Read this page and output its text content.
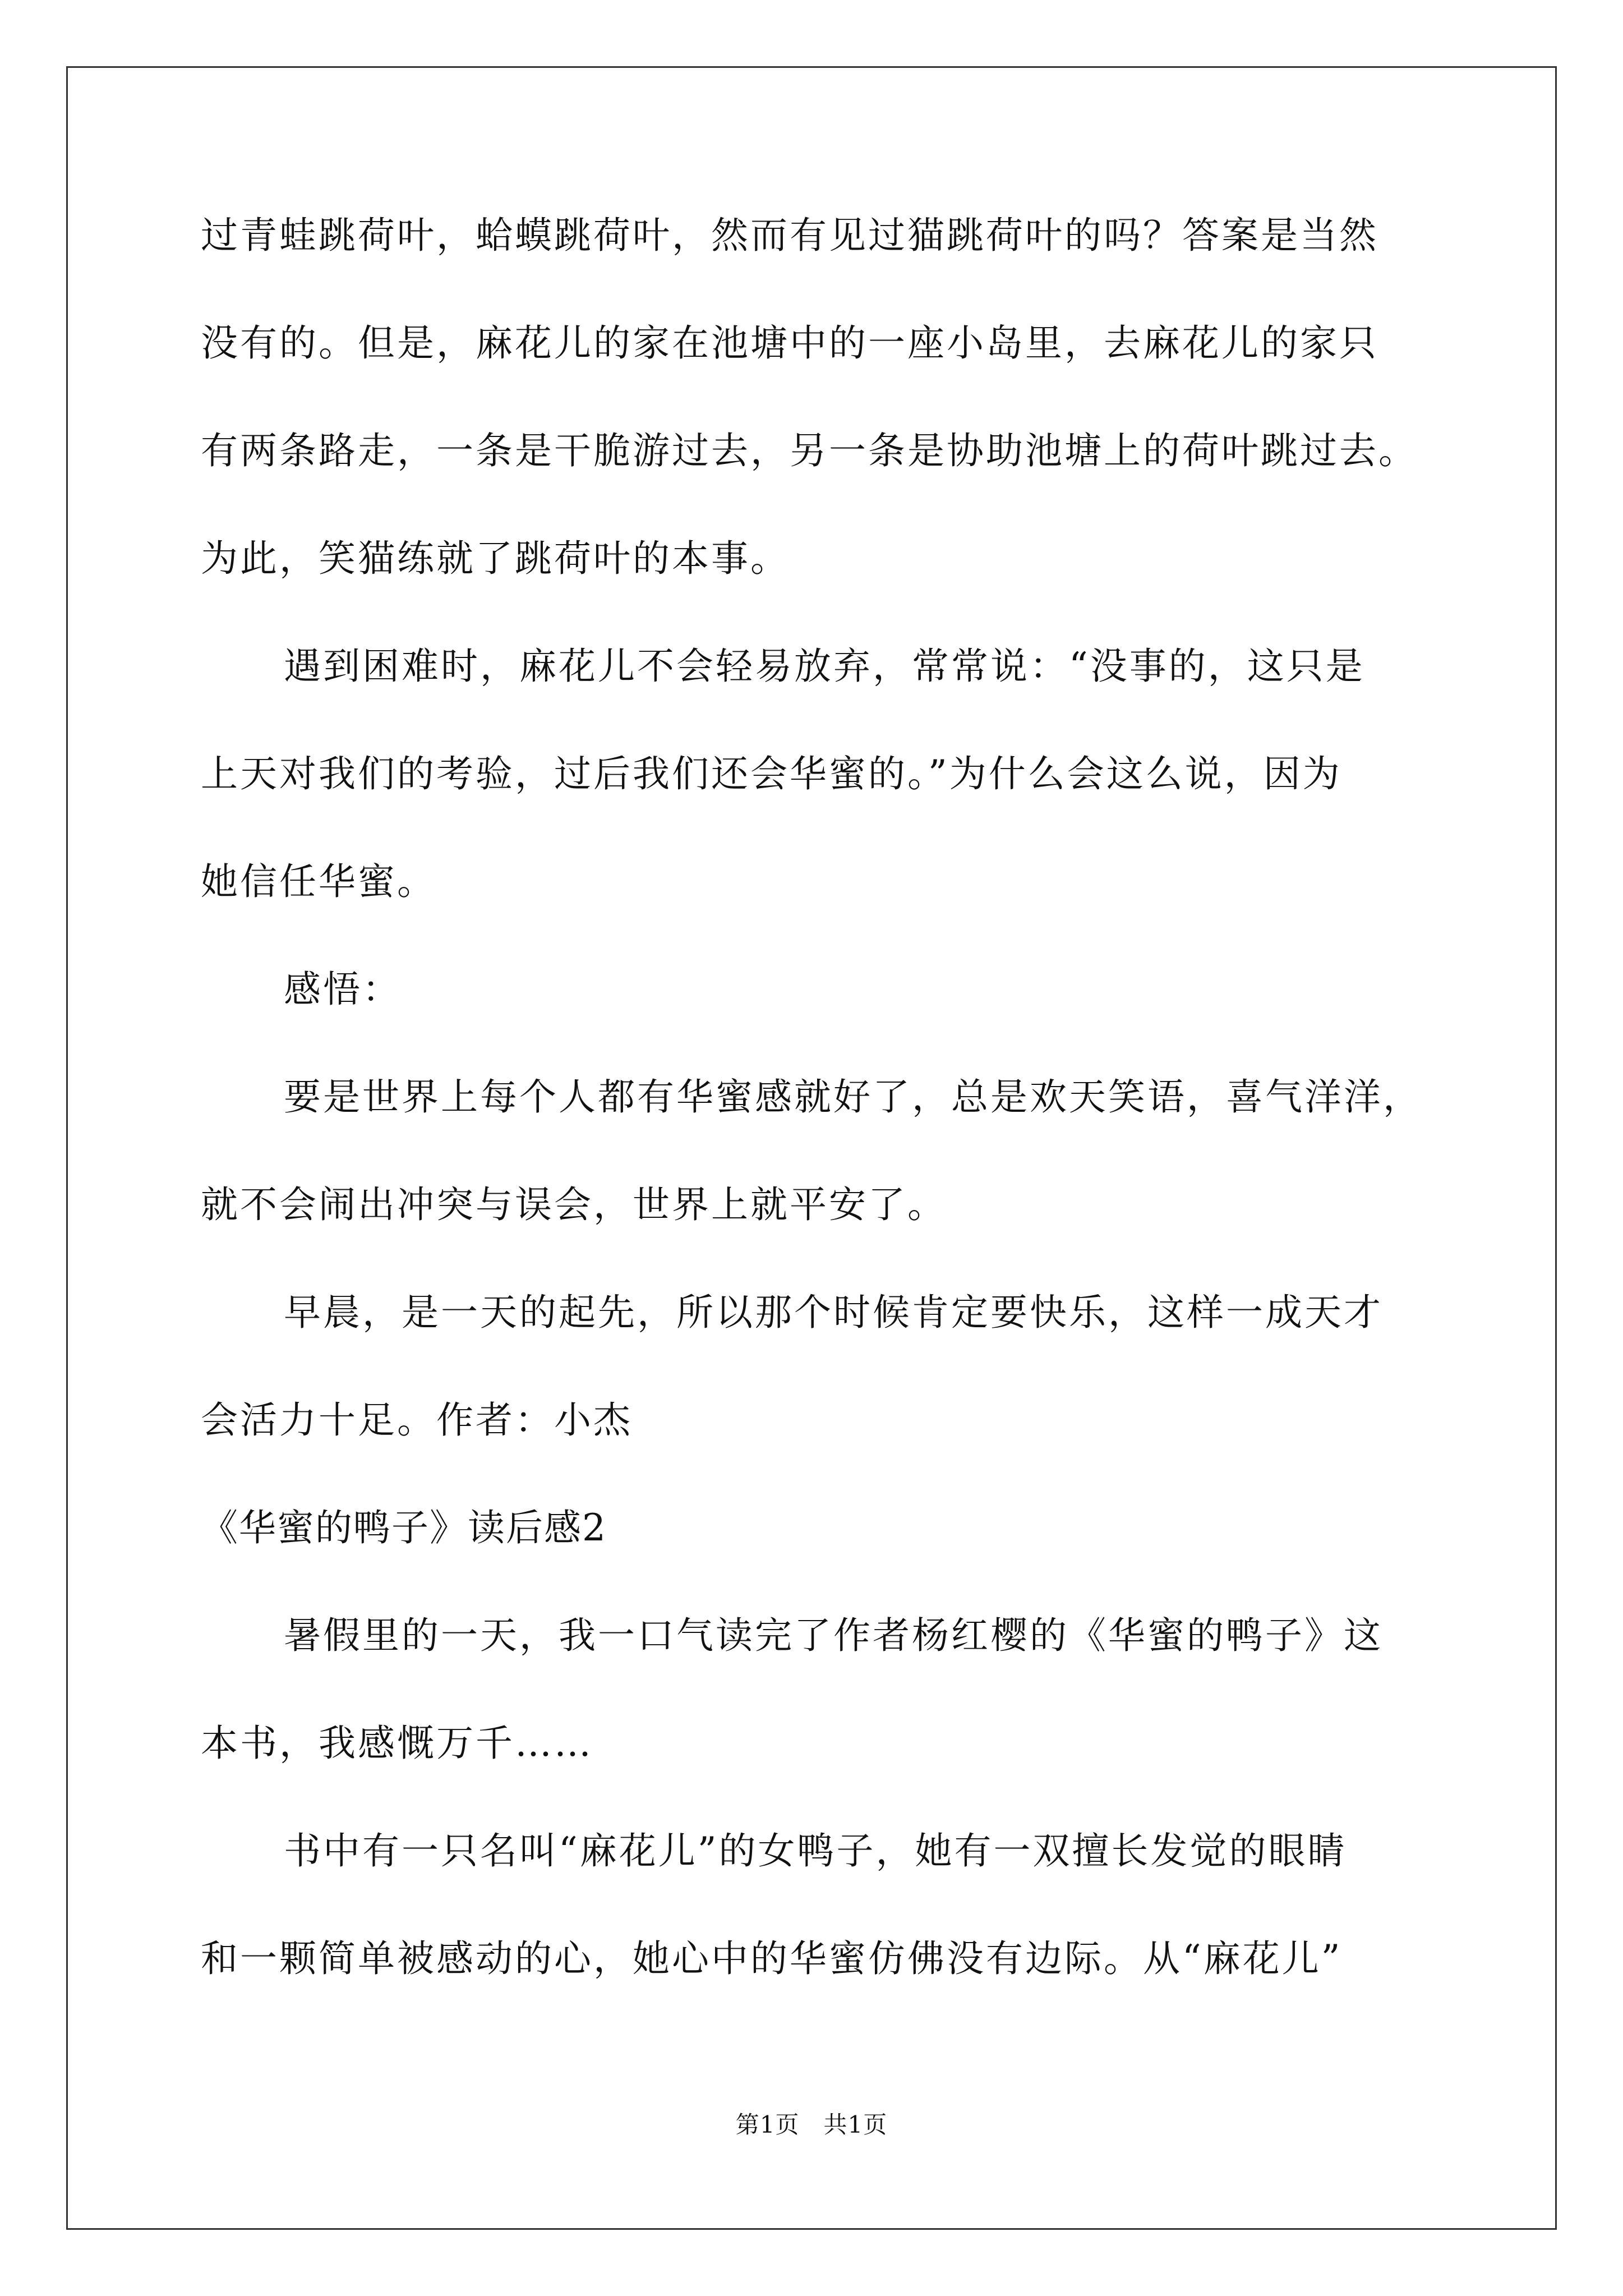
过青蛙跳荷叶，蛤蟆跳荷叶，然而有见过猫跳荷叶的吗？答案是当然
没有的。但是，麻花儿的家在池塘中的一座小岛里，去麻花儿的家只
有两条路走，一条是干脆游过去，另一条是协助池塘上的荷叶跳过去。
为此，笑猫练就了跳荷叶的本事。
遇到困难时，麻花儿不会轻易放弃，常常说：“没事的，这只是
上天对我们的考验，过后我们还会华蜜的。”为什么会这么说，因为
她信任华蜜。
感悟：
要是世界上每个人都有华蜜感就好了，总是欢天笑语，喜气洋洋，
就不会闹出冲突与误会，世界上就平安了。
早晨，是一天的起先，所以那个时候肯定要快乐，这样一成天才
会活力十足。作者：小杰
《华蜜的鸭子》读后感2
暑假里的一天，我一口气读完了作者杨红樱的《华蜜的鸭子》这
本书，我感慨万千……
书中有一只名叫“麻花儿”的女鸭子，她有一双擅长发觉的眼睛
和一颗简单被感动的心，她心中的华蜜仿佛没有边际。从“麻花儿”
第1页　共1页
